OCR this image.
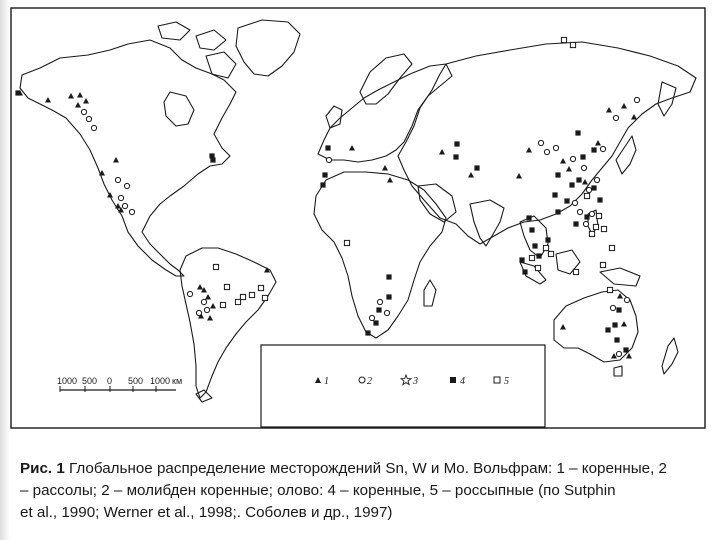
1000 500 0 500 1000 км	1	2	3	4	5
Рис. 1 Глобальное распределение месторождений Sn, W и Mo. Вольфрам: 1 – коренные, 2
– рассолы; 2 – молибден коренные; олово: 4 – коренные, 5 – россыпные (по Sutphin
et al., 1990; Werner et al., 1998;. Соболев и др., 1997)
